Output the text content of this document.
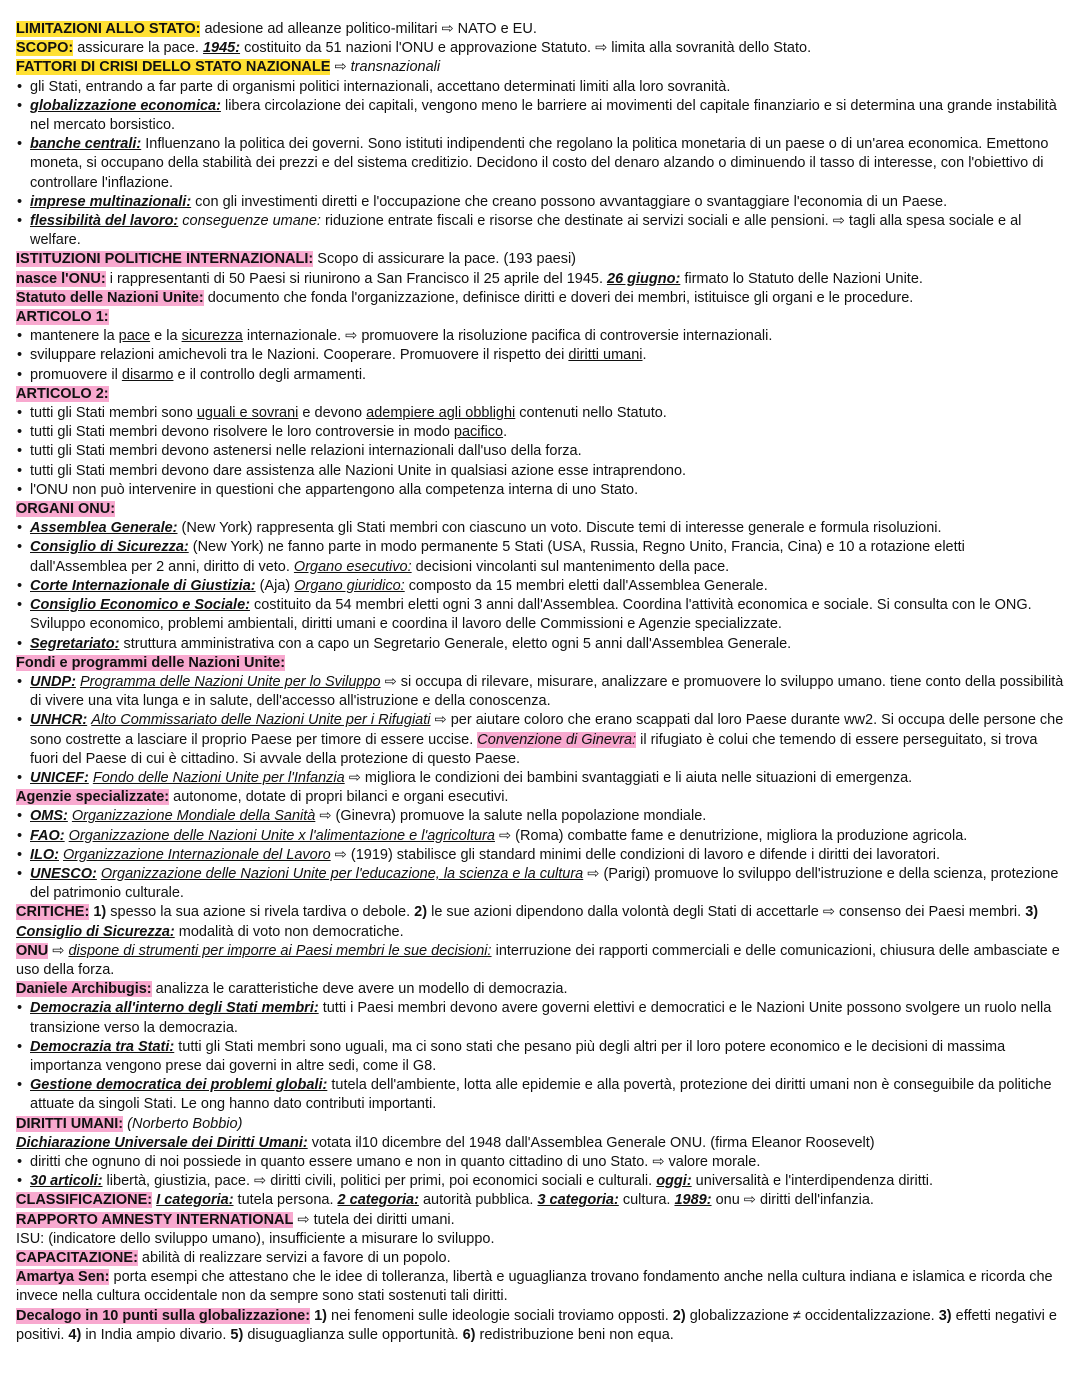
LIMITAZIONI ALLO STATO: adesione ad alleanze politico-militari ⇨ NATO e EU.
SCOPO: assicurare la pace. 1945: costituito da 51 nazioni l'ONU e approvazione Statuto. ⇨ limita alla sovranità dello Stato.
FATTORI DI CRISI DELLO STATO NAZIONALE ⇨ transnazionali
• gli Stati, entrando a far parte di organismi politici internazionali, accettano determinati limiti alla loro sovranità.
• globalizzazione economica: libera circolazione dei capitali, vengono meno le barriere ai movimenti del capitale finanziario e si determina una grande instabilità nel mercato borsistico.
• banche centrali: Influenzano la politica dei governi. Sono istituti indipendenti che regolano la politica monetaria di un paese o di un'area economica. Emettono moneta, si occupano della stabilità dei prezzi e del sistema creditizio. Decidono il costo del denaro alzando o diminuendo il tasso di interesse, con l'obiettivo di controllare l'inflazione.
• imprese multinazionali: con gli investimenti diretti e l'occupazione che creano possono avvantaggiare o svantaggiare l'economia di un Paese.
• flessibilità del lavoro: conseguenze umane: riduzione entrate fiscali e risorse che destinate ai servizi sociali e alle pensioni. ⇨ tagli alla spesa sociale e al welfare.
ISTITUZIONI POLITICHE INTERNAZIONALI: Scopo di assicurare la pace. (193 paesi)
nasce l'ONU: i rappresentanti di 50 Paesi si riunirono a San Francisco il 25 aprile del 1945. 26 giugno: firmato lo Statuto delle Nazioni Unite.
Statuto delle Nazioni Unite: documento che fonda l'organizzazione, definisce diritti e doveri dei membri, istituisce gli organi e le procedure.
ARTICOLO 1:
• mantenere la pace e la sicurezza internazionale. ⇨ promuovere la risoluzione pacifica di controversie internazionali.
• sviluppare relazioni amichevoli tra le Nazioni. Cooperare. Promuovere il rispetto dei diritti umani.
• promuovere il disarmo e il controllo degli armamenti.
ARTICOLO 2:
• tutti gli Stati membri sono uguali e sovrani e devono adempiere agli obblighi contenuti nello Statuto.
• tutti gli Stati membri devono risolvere le loro controversie in modo pacifico.
• tutti gli Stati membri devono astenersi nelle relazioni internazionali dall'uso della forza.
• tutti gli Stati membri devono dare assistenza alle Nazioni Unite in qualsiasi azione esse intraprendono.
• l'ONU non può intervenire in questioni che appartengono alla competenza interna di uno Stato.
ORGANI ONU:
• Assemblea Generale: (New York) rappresenta gli Stati membri con ciascuno un voto. Discute temi di interesse generale e formula risoluzioni.
• Consiglio di Sicurezza: (New York) ne fanno parte in modo permanente 5 Stati (USA, Russia, Regno Unito, Francia, Cina) e 10 a rotazione eletti dall'Assemblea per 2 anni, diritto di veto. Organo esecutivo: decisioni vincolanti sul mantenimento della pace.
• Corte Internazionale di Giustizia: (Aja) Organo giuridico: composto da 15 membri eletti dall'Assemblea Generale.
• Consiglio Economico e Sociale: costituito da 54 membri eletti ogni 3 anni dall'Assemblea. Coordina l'attività economica e sociale. Si consulta con le ONG. Sviluppo economico, problemi ambientali, diritti umani e coordina il lavoro delle Commissioni e Agenzie specializzate.
• Segretariato: struttura amministrativa con a capo un Segretario Generale, eletto ogni 5 anni dall'Assemblea Generale.
Fondi e programmi delle Nazioni Unite:
• UNDP: Programma delle Nazioni Unite per lo Sviluppo ⇨ si occupa di rilevare, misurare, analizzare e promuovere lo sviluppo umano. tiene conto della possibilità di vivere una vita lunga e in salute, dell'accesso all'istruzione e della conoscenza.
• UNHCR: Alto Commissariato delle Nazioni Unite per i Rifugiati ⇨ per aiutare coloro che erano scappati dal loro Paese durante ww2. Si occupa delle persone che sono costrette a lasciare il proprio Paese per timore di essere uccise. Convenzione di Ginevra: il rifugiato è colui che temendo di essere perseguitato, si trova fuori del Paese di cui è cittadino. Si avvale della protezione di questo Paese.
• UNICEF: Fondo delle Nazioni Unite per l'Infanzia ⇨ migliora le condizioni dei bambini svantaggiati e li aiuta nelle situazioni di emergenza.
Agenzie specializzate: autonome, dotate di propri bilanci e organi esecutivi.
• OMS: Organizzazione Mondiale della Sanità ⇨ (Ginevra) promuove la salute nella popolazione mondiale.
• FAO: Organizzazione delle Nazioni Unite x l'alimentazione e l'agricoltura ⇨ (Roma) combatte fame e denutrizione, migliora la produzione agricola.
• ILO: Organizzazione Internazionale del Lavoro ⇨ (1919) stabilisce gli standard minimi delle condizioni di lavoro e difende i diritti dei lavoratori.
• UNESCO: Organizzazione delle Nazioni Unite per l'educazione, la scienza e la cultura ⇨ (Parigi) promuove lo sviluppo dell'istruzione e della scienza, protezione del patrimonio culturale.
CRITICHE: 1) spesso la sua azione si rivela tardiva o debole. 2) le sue azioni dipendono dalla volontà degli Stati di accettarle ⇨ consenso dei Paesi membri. 3) Consiglio di Sicurezza: modalità di voto non democratiche.
ONU ⇨ dispone di strumenti per imporre ai Paesi membri le sue decisioni: interruzione dei rapporti commerciali e delle comunicazioni, chiusura delle ambasciate e uso della forza.
Daniele Archibugis: analizza le caratteristiche deve avere un modello di democrazia.
• Democrazia all'interno degli Stati membri: tutti i Paesi membri devono avere governi elettivi e democratici e le Nazioni Unite possono svolgere un ruolo nella transizione verso la democrazia.
• Democrazia tra Stati: tutti gli Stati membri sono uguali, ma ci sono stati che pesano più degli altri per il loro potere economico e le decisioni di massima importanza vengono prese dai governi in altre sedi, come il G8.
• Gestione democratica dei problemi globali: tutela dell'ambiente, lotta alle epidemie e alla povertà, protezione dei diritti umani non è conseguibile da politiche attuate da singoli Stati. Le ong hanno dato contributi importanti.
DIRITTI UMANI: (Norberto Bobbio)
Dichiarazione Universale dei Diritti Umani: votata il10 dicembre del 1948 dall'Assemblea Generale ONU. (firma Eleanor Roosevelt)
• diritti che ognuno di noi possiede in quanto essere umano e non in quanto cittadino di uno Stato. ⇨ valore morale.
• 30 articoli: libertà, giustizia, pace. ⇨ diritti civili, politici per primi, poi economici sociali e culturali. oggi: universalità e l'interdipendenza diritti.
CLASSIFICAZIONE: I categoria: tutela persona. 2 categoria: autorità pubblica. 3 categoria: cultura. 1989: onu ⇨ diritti dell'infanzia.
RAPPORTO AMNESTY INTERNATIONAL ⇨ tutela dei diritti umani.
ISU: (indicatore dello sviluppo umano), insufficiente a misurare lo sviluppo.
CAPACITAZIONE: abilità di realizzare servizi a favore di un popolo.
Amartya Sen: porta esempi che attestano che le idee di tolleranza, libertà e uguaglianza trovano fondamento anche nella cultura indiana e islamica e ricorda che invece nella cultura occidentale non da sempre sono stati sostenuti tali diritti.
Decalogo in 10 punti sulla globalizzazione: 1) nei fenomeni sulle ideologie sociali troviamo opposti. 2) globalizzazione ≠ occidentalizzazione. 3) effetti negativi e positivi. 4) in India ampio divario. 5) disuguaglianza sulle opportunità. 6) redistribuzione beni non equa.
